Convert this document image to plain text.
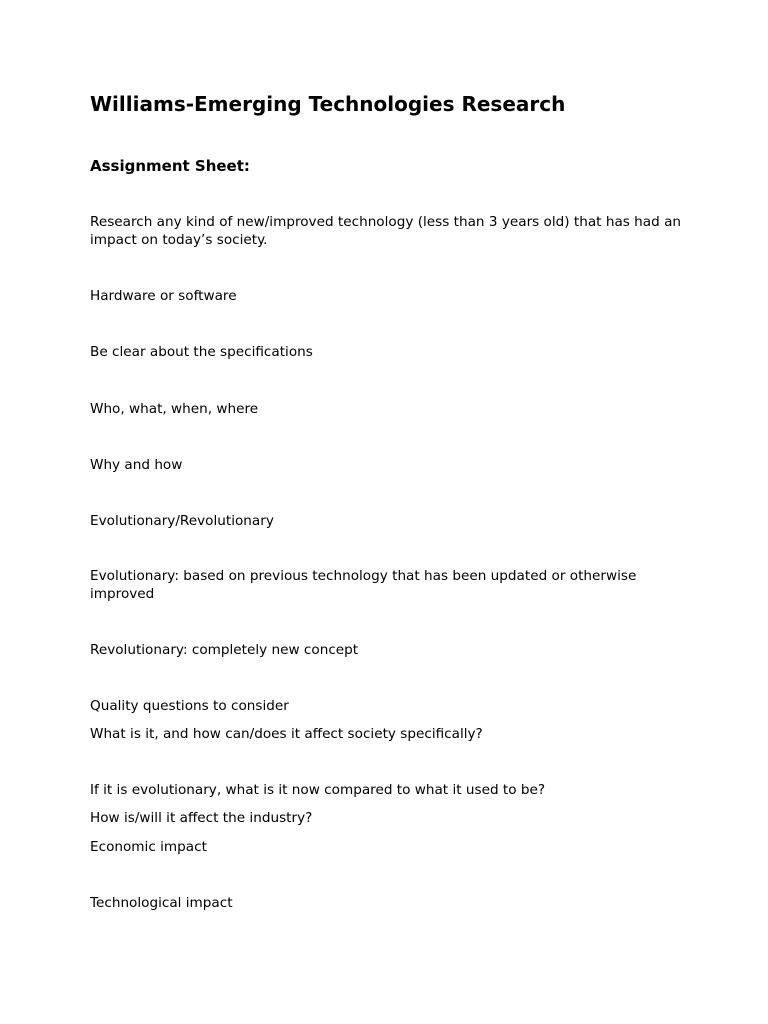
Williams-Emerging Technologies Research
Assignment Sheet:

Research any kind of new/improved technology (less than 3 years old) that has had an impact on today’s society.

Hardware or software

Be clear about the specifications

Who, what, when, where

Why and how

Evolutionary/Revolutionary

Evolutionary: based on previous technology that has been updated or otherwise improved

Revolutionary: completely new concept

Quality questions to consider

What is it, and how can/does it affect society specifically?

If it is evolutionary, what is it now compared to what it used to be?

How is/will it affect the industry?

Economic impact

Technological impact
